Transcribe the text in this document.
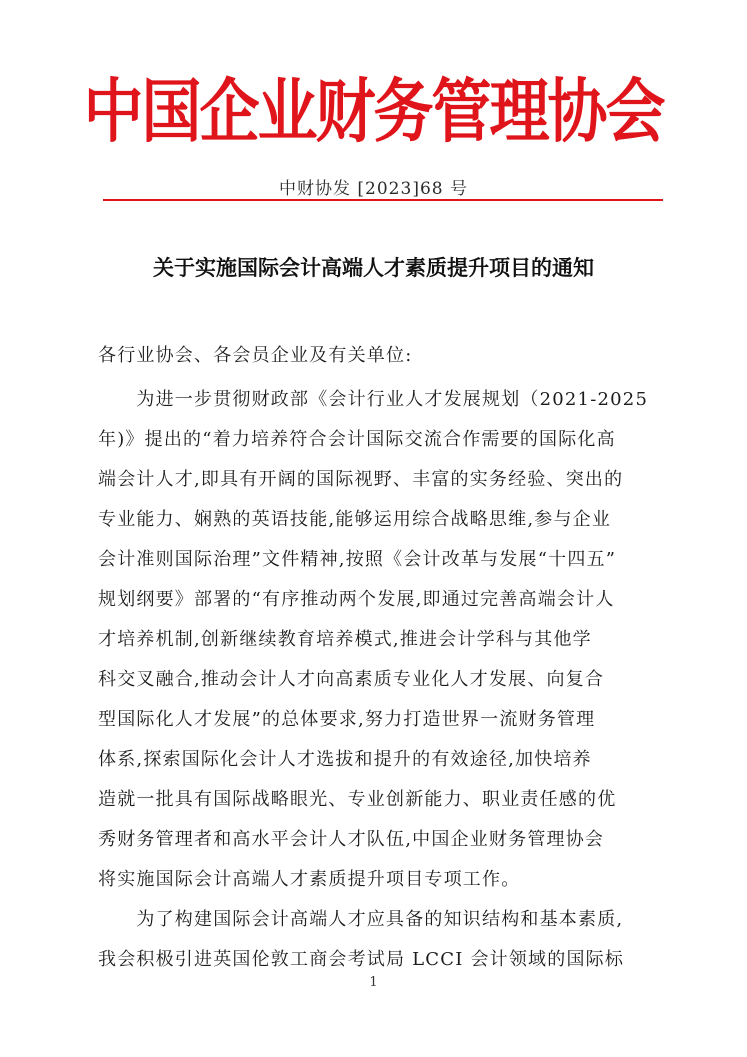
中国企业财务管理协会
中财协发 [2023]68 号
关于实施国际会计高端人才素质提升项目的通知
各行业协会、各会员企业及有关单位:
　　为进一步贯彻财政部《会计行业人才发展规划（2021-2025
年)》提出的“着力培养符合会计国际交流合作需要的国际化高
端会计人才,即具有开阔的国际视野、丰富的实务经验、突出的
专业能力、娴熟的英语技能,能够运用综合战略思维,参与企业
会计准则国际治理”文件精神,按照《会计改革与发展“十四五”
规划纲要》部署的“有序推动两个发展,即通过完善高端会计人
才培养机制,创新继续教育培养模式,推进会计学科与其他学
科交叉融合,推动会计人才向高素质专业化人才发展、向复合
型国际化人才发展”的总体要求,努力打造世界一流财务管理
体系,探索国际化会计人才选拔和提升的有效途径,加快培养
造就一批具有国际战略眼光、专业创新能力、职业责任感的优
秀财务管理者和高水平会计人才队伍,中国企业财务管理协会
将实施国际会计高端人才素质提升项目专项工作。
　　为了构建国际会计高端人才应具备的知识结构和基本素质,
我会积极引进英国伦敦工商会考试局 LCCI 会计领域的国际标
1
